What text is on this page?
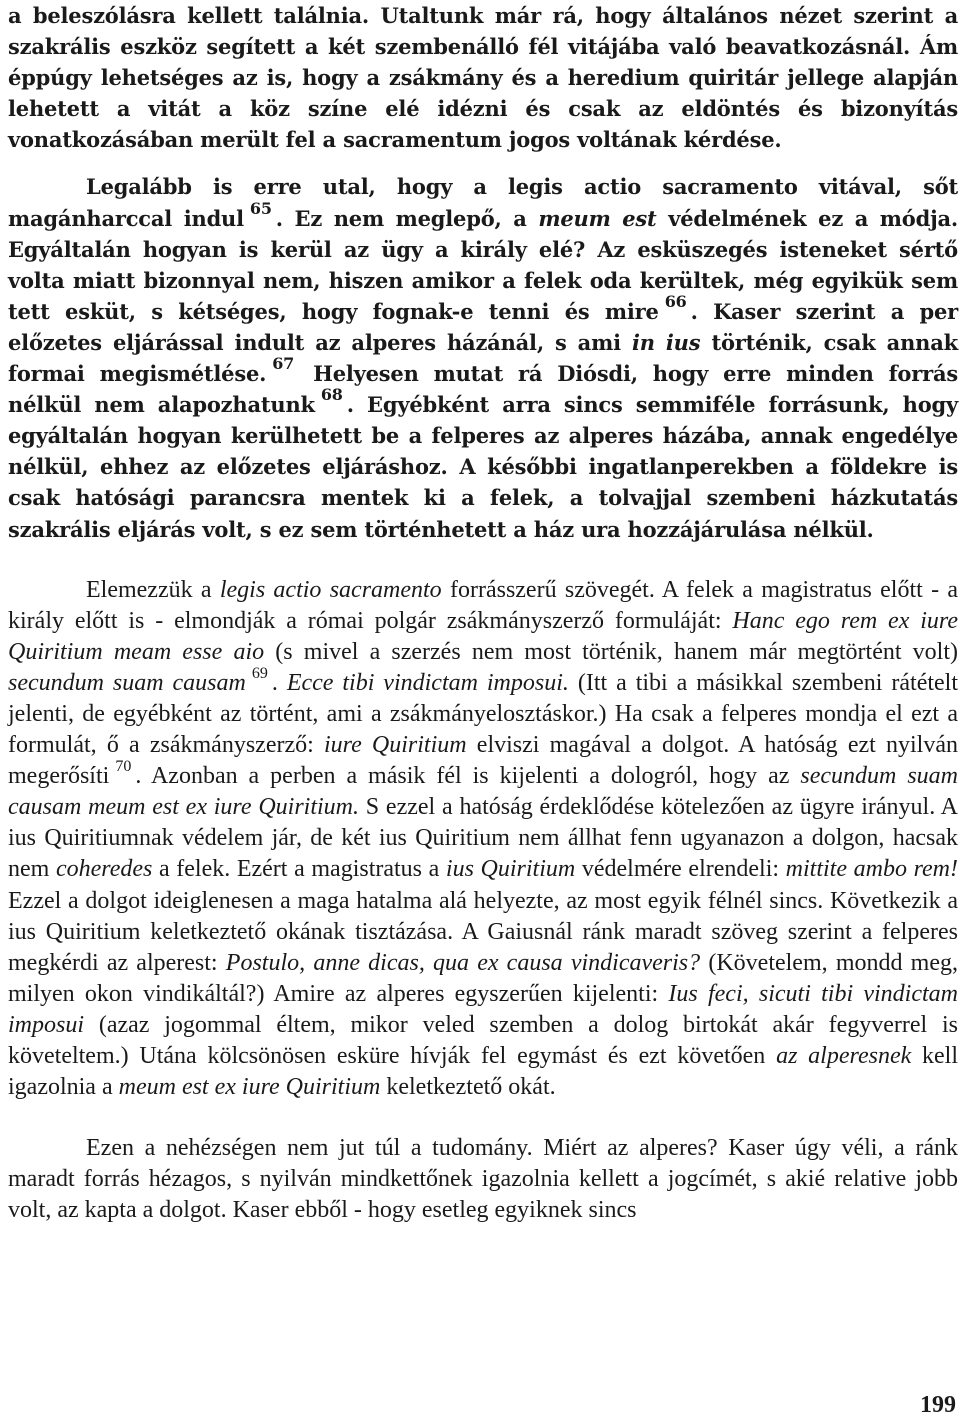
a beleszólásra kellett találnia. Utaltunk már rá, hogy általános nézet szerint a szakrális eszköz segített a két szembenálló fél vitájába való beavatkozásnál. Ám éppúgy lehetséges az is, hogy a zsákmány és a heredium quiritár jellege alapján lehetett a vitát a köz színe elé idézni és csak az eldöntés és bizonyítás vonatkozásában merült fel a sacramentum jogos voltának kérdése.

Legalább is erre utal, hogy a legis actio sacramento vitával, sőt magánharccal indul $^{65}$ . Ez nem meglepő, a meum est védelmének ez a módja. Egyáltalán hogyan is kerül az ügy a király elé? Az esküszegés isteneket sértő volta miatt bizonnyal nem, hiszen amikor a felek oda kerültek, még egyikük sem tett esküt, s kétséges, hogy fognak-e tenni és mire $^{66}$ . Kaser szerint a per előzetes eljárással indult az alperes házánál, s ami in ius történik, csak annak formai megismétlése. $^{67}$ Helyesen mutat rá Diósdi, hogy erre minden forrás nélkül nem alapozhatunk $^{68}$ . Egyébként arra sincs semmiféle forrásunk, hogy egyáltalán hogyan kerülhetett be a felperes az alperes házába, annak engedélye nélkül, ehhez az előzetes eljáráshoz. A későbbi ingatlanperekben a földekre is csak hatósági parancsra mentek ki a felek, a tolvajjal szembeni házkutatás szakrális eljárás volt, s ez sem történhetett a ház ura hozzájárulása nélkül.

Elemezzük a legis actio sacramento forrásszerű szövegét. A felek a magistratus előtt - a király előtt is - elmondják a római polgár zsákmányszerző formuláját: Hanc ego rem ex iure Quiritium meam esse aio (s mivel a szerzés nem most történik, hanem már megtörtént volt) secundum suam causam $^{69}$ . Ecce tibi vindictam imposui. (Itt a tibi a másikkal szembeni rátételt jelenti, de egyébként az történt, ami a zsákmányelosztáskor.) Ha csak a felperes mondja el ezt a formulát, ő a zsákmányszerző: iure Quiritium elviszi magával a dolgot. A hatóság ezt nyilván megerősíti $^{70}$ . Azonban a perben a másik fél is kijelenti a dologról, hogy az secundum suam causam meum est ex iure Quiritium. S ezzel a hatóság érdeklődése kötelezően az ügyre irányul. A ius Quiritiumnak védelem jár, de két ius Quiritium nem állhat fenn ugyanazon a dolgon, hacsak nem coheredes a felek. Ezért a magistratus a ius Quiritium védelmére elrendeli: mittite ambo rem! Ezzel a dolgot ideiglenesen a maga hatalma alá helyezte, az most egyik félnél sincs. Következik a ius Quiritium keletkeztető okának tisztázása. A Gaiusnál ránk maradt szöveg szerint a felperes megkérdi az alperest: Postulo, anne dicas, qua ex causa vindicaveris? (Követelem, mondd meg, milyen okon vindikáltál?) Amire az alperes egyszerűen kijelenti: Ius feci, sicuti tibi vindictam imposui (azaz jogommal éltem, mikor veled szemben a dolog birtokát akár fegyverrel is követeltem.) Utána kölcsönösen esküre hívják fel egymást és ezt követően az alperesnek kell igazolnia a meum est ex iure Quiritium keletkeztető okát.

Ezen a nehézségen nem jut túl a tudomány. Miért az alperes? Kaser úgy véli, a ránk maradt forrás hézagos, s nyilván mindkettőnek igazolnia kellett a jogcímét, s akié relative jobb volt, az kapta a dolgot. Kaser ebből - hogy esetleg egyiknek sincs

199
